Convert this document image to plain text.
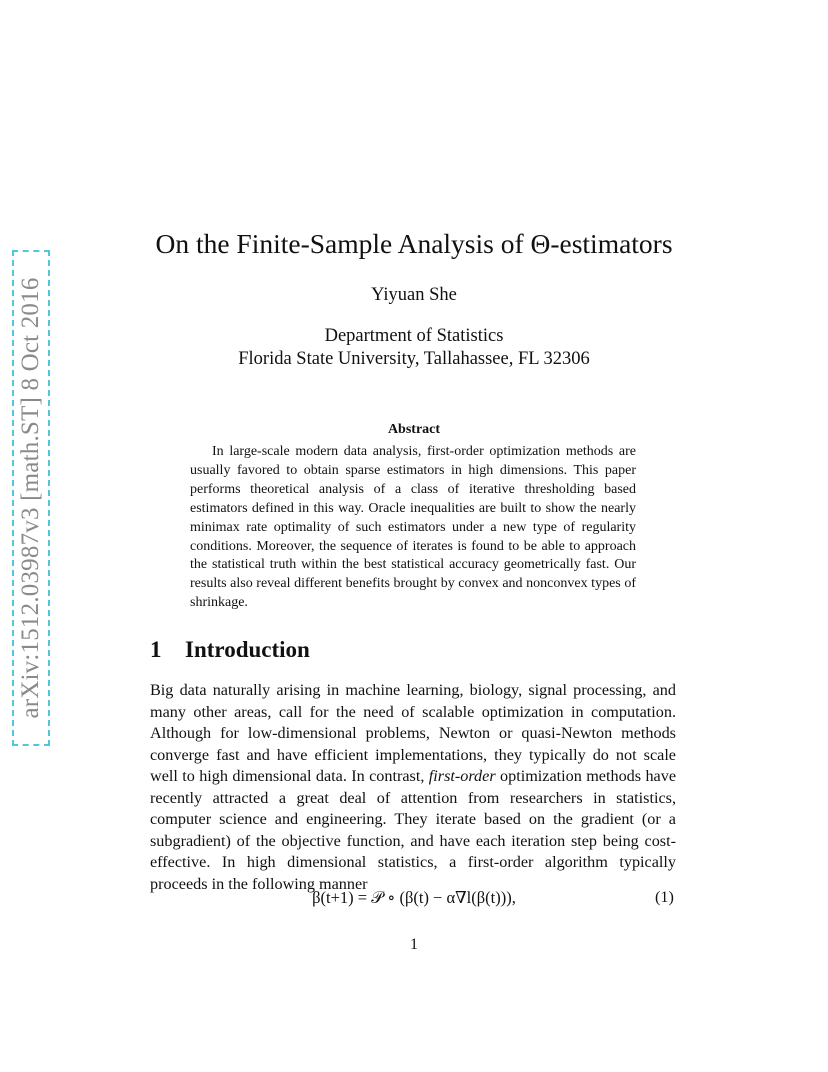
arXiv:1512.03987v3 [math.ST] 8 Oct 2016
On the Finite-Sample Analysis of Θ-estimators
Yiyuan She
Department of Statistics
Florida State University, Tallahassee, FL 32306
Abstract
In large-scale modern data analysis, first-order optimization methods are usually favored to obtain sparse estimators in high dimensions. This paper performs theoretical analysis of a class of iterative thresholding based estimators defined in this way. Oracle inequalities are built to show the nearly minimax rate optimality of such estimators under a new type of regularity conditions. Moreover, the sequence of iterates is found to be able to approach the statistical truth within the best statistical accuracy geometrically fast. Our results also reveal different benefits brought by convex and nonconvex types of shrinkage.
1 Introduction
Big data naturally arising in machine learning, biology, signal processing, and many other areas, call for the need of scalable optimization in computation. Although for low-dimensional problems, Newton or quasi-Newton methods converge fast and have efficient implementations, they typically do not scale well to high dimensional data. In contrast, first-order optimization methods have recently attracted a great deal of attention from researchers in statistics, computer science and engineering. They iterate based on the gradient (or a subgradient) of the objective function, and have each iteration step being cost-effective. In high dimensional statistics, a first-order algorithm typically proceeds in the following manner
β(t+1) = 𝒫 ∘ (β(t) − α∇l(β(t))),	(1)
1
